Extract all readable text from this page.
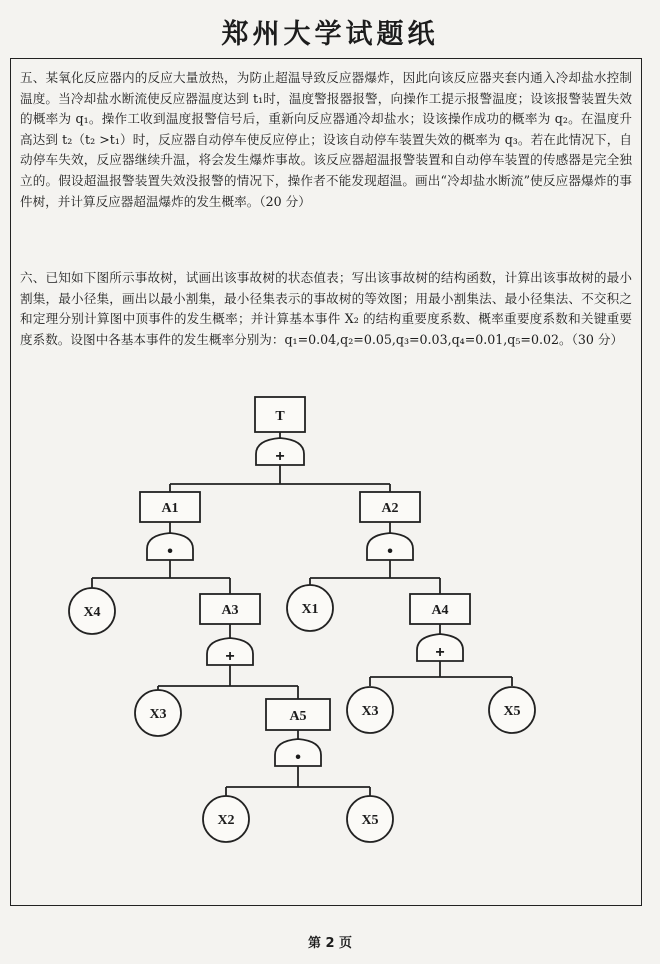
郑州大学试题纸
五、某氧化反应器内的反应大量放热，为防止超温导致反应器爆炸，因此向该反应器夹套内通入冷却盐水控制温度。当冷却盐水断流使反应器温度达到 t₁时，温度警报器报警，向操作工提示报警温度；设该报警装置失效的概率为 q₁。操作工收到温度报警信号后，重新向反应器通冷却盐水；设该操作成功的概率为 q₂。在温度升高达到 t₂（t₂ >t₁）时，反应器自动停车使反应停止；设该自动停车装置失效的概率为 q₃。若在此情况下，自动停车失效，反应器继续升温，将会发生爆炸事故。该反应器超温报警装置和自动停车装置的传感器是完全独立的。假设超温报警装置失效没报警的情况下，操作者不能发现超温。画出“冷却盐水断流”使反应器爆炸的事件树，并计算反应器超温爆炸的发生概率。（20 分）
六、已知如下图所示事故树，试画出该事故树的状态值表；写出该事故树的结构函数，计算出该事故树的最小割集，最小径集，画出以最小割集，最小径集表示的事故树的等效图；用最小割集法、最小径集法、不交积之和定理分别计算图中顶事件的发生概率；并计算基本事件 X₂ 的结构重要度系数、概率重要度系数和关键重要度系数。设图中各基本事件的发生概率分别为：q₁=0.04,q₂=0.05,q₃=0.03,q₄=0.01,q₅=0.02。（30 分）
T
+
•	•
+	+
•
A1	A2
A3	A4
A5
X4	X1
X3	X3	X5
X2	X5
第 2 页
